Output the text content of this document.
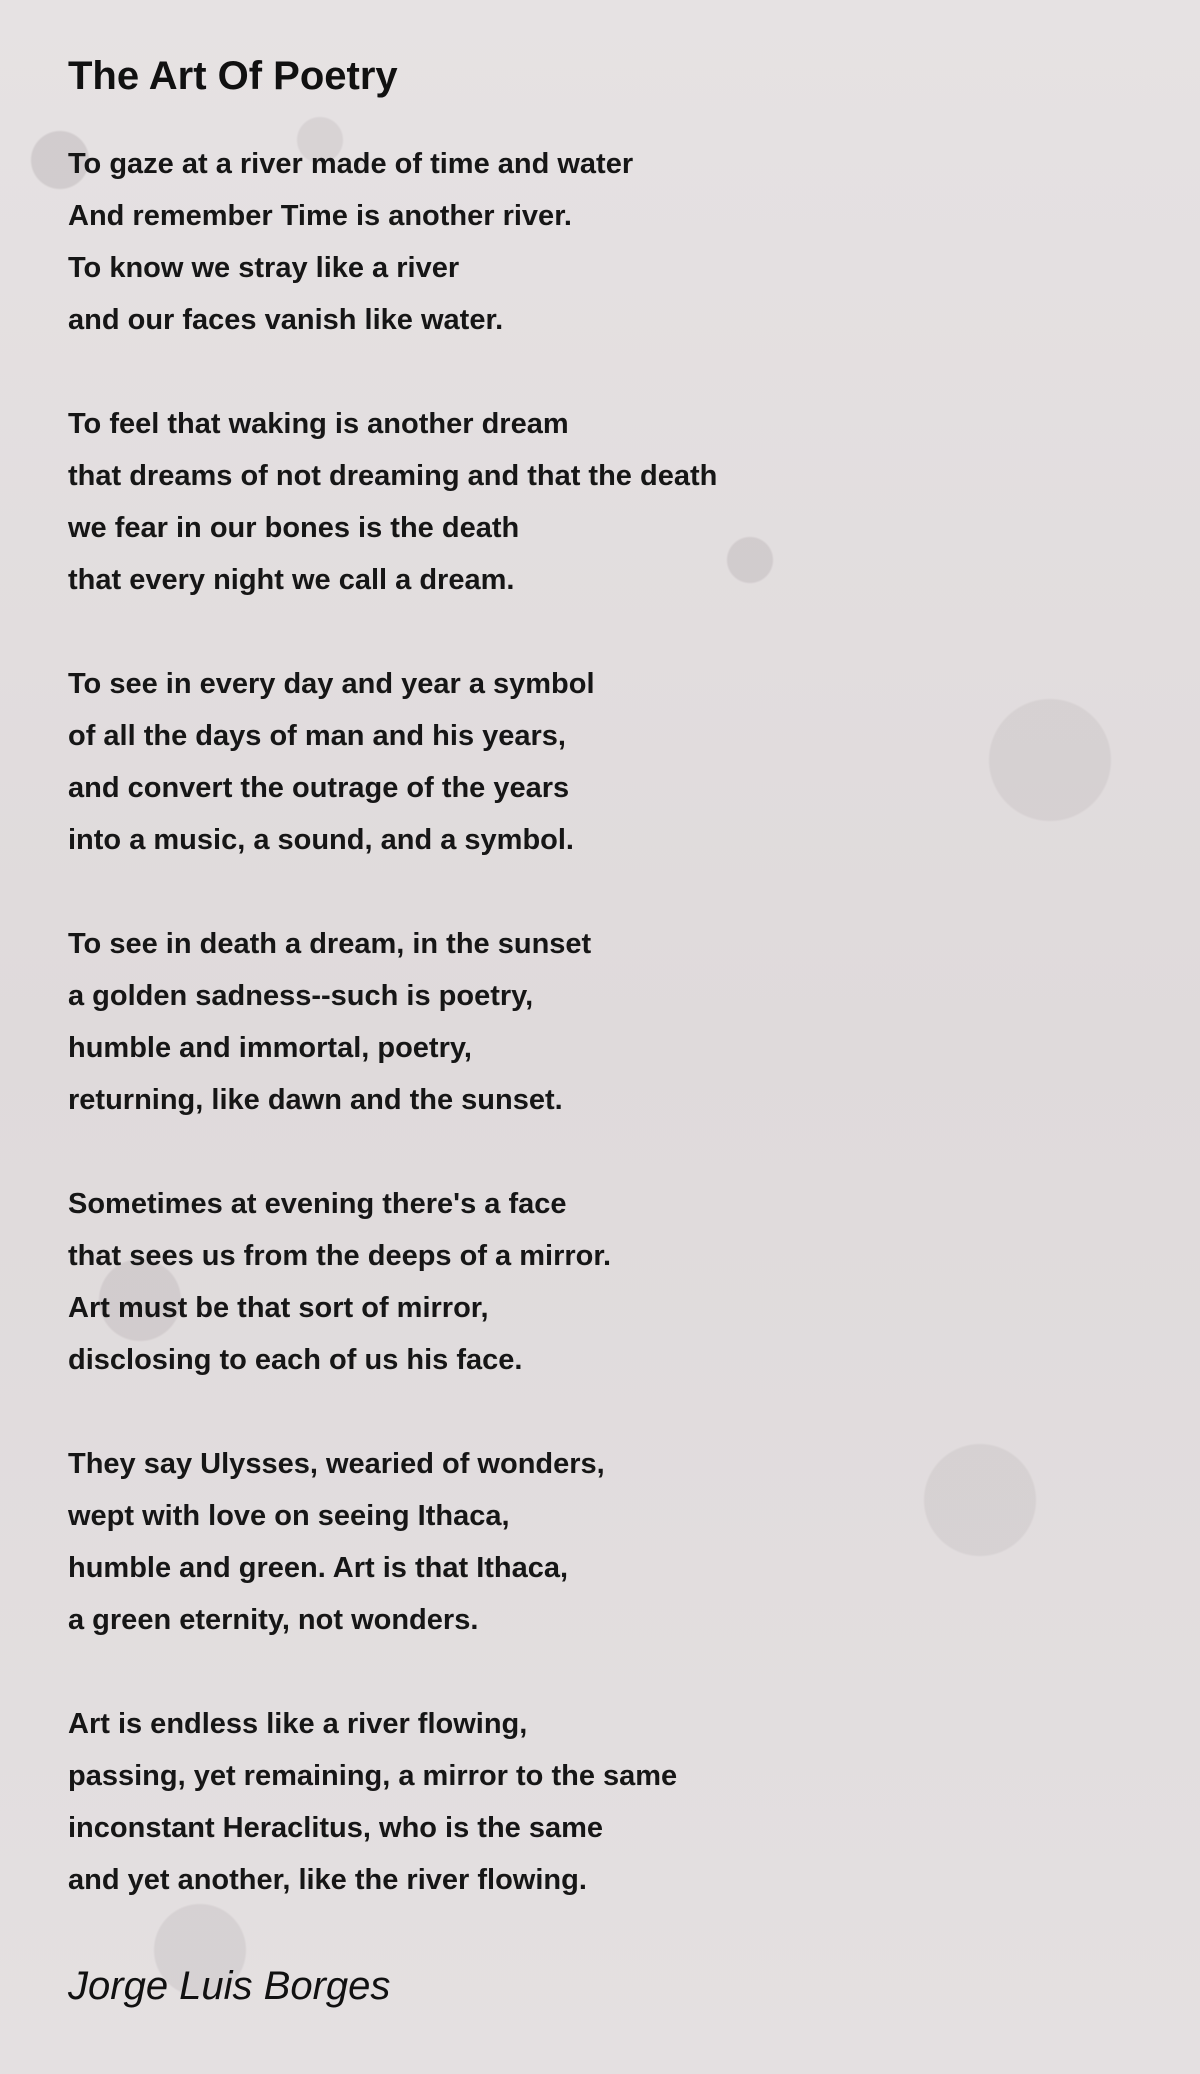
The Art Of Poetry
To gaze at a river made of time and water
And remember Time is another river.
To know we stray like a river
and our faces vanish like water.
To feel that waking is another dream
that dreams of not dreaming and that the death
we fear in our bones is the death
that every night we call a dream.
To see in every day and year a symbol
of all the days of man and his years,
and convert the outrage of the years
into a music, a sound, and a symbol.
To see in death a dream, in the sunset
a golden sadness--such is poetry,
humble and immortal, poetry,
returning, like dawn and the sunset.
Sometimes at evening there's a face
that sees us from the deeps of a mirror.
Art must be that sort of mirror,
disclosing to each of us his face.
They say Ulysses, wearied of wonders,
wept with love on seeing Ithaca,
humble and green. Art is that Ithaca,
a green eternity, not wonders.
Art is endless like a river flowing,
passing, yet remaining, a mirror to the same
inconstant Heraclitus, who is the same
and yet another, like the river flowing.
Jorge Luis Borges
